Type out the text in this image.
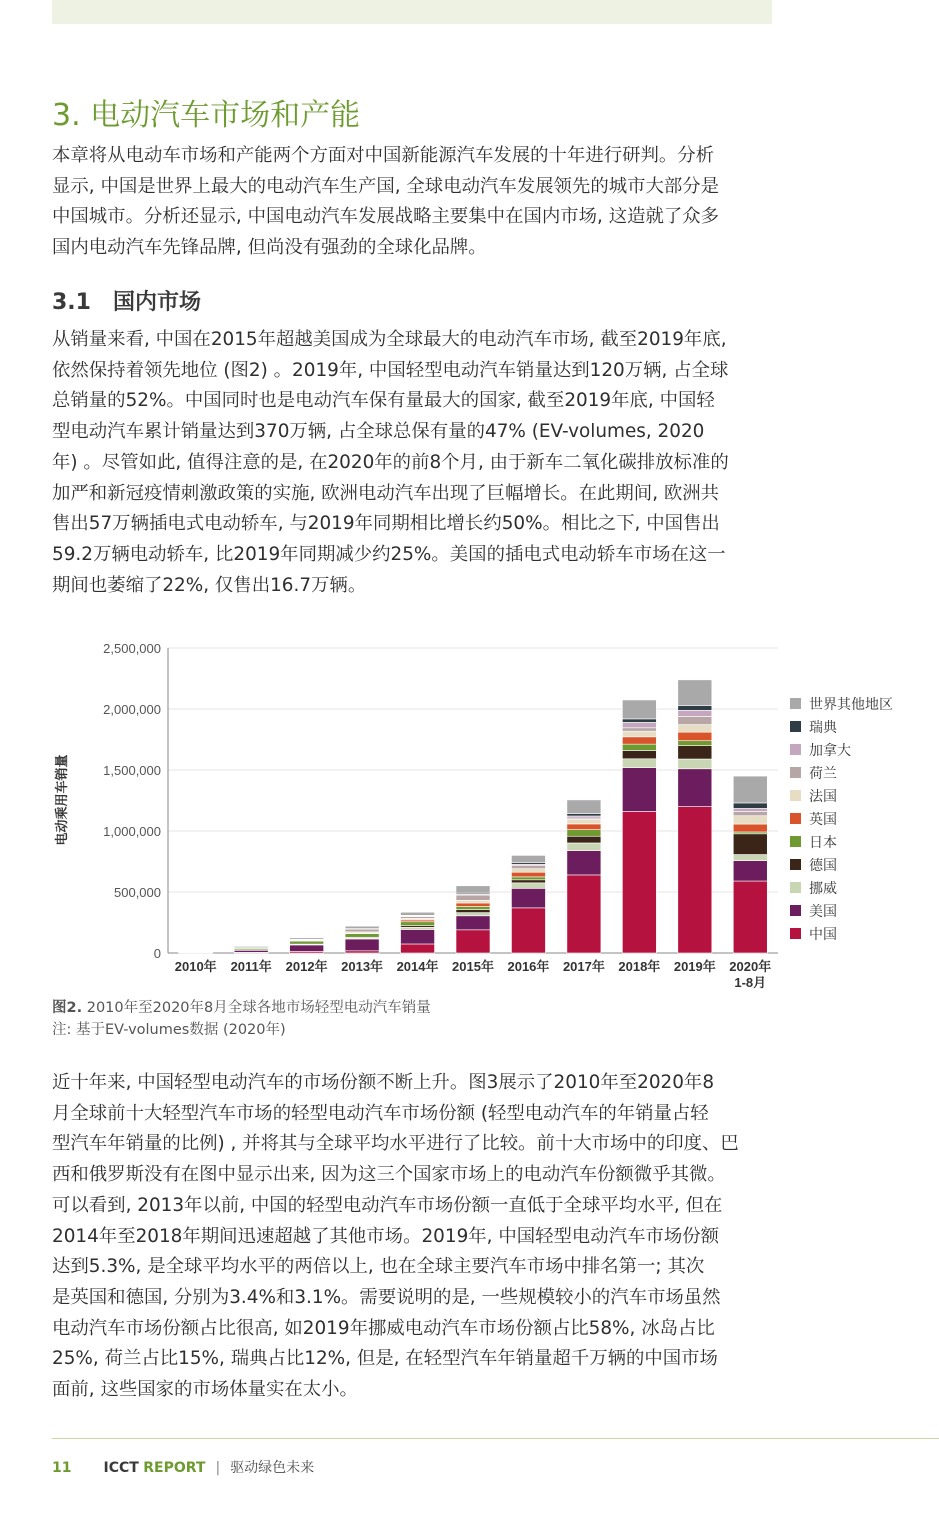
3. 电动汽车市场和产能
本章将从电动车市场和产能两个方面对中国新能源汽车发展的十年进行研判。分析
显示, 中国是世界上最大的电动汽车生产国, 全球电动汽车发展领先的城市大部分是
中国城市。分析还显示, 中国电动汽车发展战略主要集中在国内市场, 这造就了众多
国内电动汽车先锋品牌, 但尚没有强劲的全球化品牌。
3.1 国内市场
从销量来看, 中国在2015年超越美国成为全球最大的电动汽车市场, 截至2019年底,
依然保持着领先地位 (图2) 。2019年, 中国轻型电动汽车销量达到120万辆, 占全球
总销量的52%。中国同时也是电动汽车保有量最大的国家, 截至2019年底, 中国轻
型电动汽车累计销量达到370万辆, 占全球总保有量的47% (EV-volumes, 2020
年) 。尽管如此, 值得注意的是, 在2020年的前8个月, 由于新车二氧化碳排放标准的
加严和新冠疫情刺激政策的实施, 欧洲电动汽车出现了巨幅增长。在此期间, 欧洲共
售出57万辆插电式电动轿车, 与2019年同期相比增长约50%。相比之下, 中国售出
59.2万辆电动轿车, 比2019年同期减少约25%。美国的插电式电动轿车市场在这一
期间也萎缩了22%, 仅售出16.7万辆。
0
500,000
1,000,000
1,500,000
2,000,000
2,500,000
电动乘用车销量
2010年 2011年 2012年 2013年 2014年 2015年 2016年 2017年 2018年 2019年 2020年
1-8月
世界其他地区
瑞典
加拿大
荷兰
法国
英国
日本
德国
挪威
美国
中国
图2. 2010年至2020年8月全球各地市场轻型电动汽车销量
注: 基于EV-volumes数据 (2020年)
近十年来, 中国轻型电动汽车的市场份额不断上升。图3展示了2010年至2020年8
月全球前十大轻型汽车市场的轻型电动汽车市场份额 (轻型电动汽车的年销量占轻
型汽车年销量的比例) , 并将其与全球平均水平进行了比较。前十大市场中的印度、巴
西和俄罗斯没有在图中显示出来, 因为这三个国家市场上的电动汽车份额微乎其微。
可以看到, 2013年以前, 中国的轻型电动汽车市场份额一直低于全球平均水平, 但在
2014年至2018年期间迅速超越了其他市场。2019年, 中国轻型电动汽车市场份额
达到5.3%, 是全球平均水平的两倍以上, 也在全球主要汽车市场中排名第一; 其次
是英国和德国, 分别为3.4%和3.1%。需要说明的是, 一些规模较小的汽车市场虽然
电动汽车市场份额占比很高, 如2019年挪威电动汽车市场份额占比58%, 冰岛占比
25%, 荷兰占比15%, 瑞典占比12%, 但是, 在轻型汽车年销量超千万辆的中国市场
面前, 这些国家的市场体量实在太小。
11 ICCT REPORT | 驱动绿色未来
